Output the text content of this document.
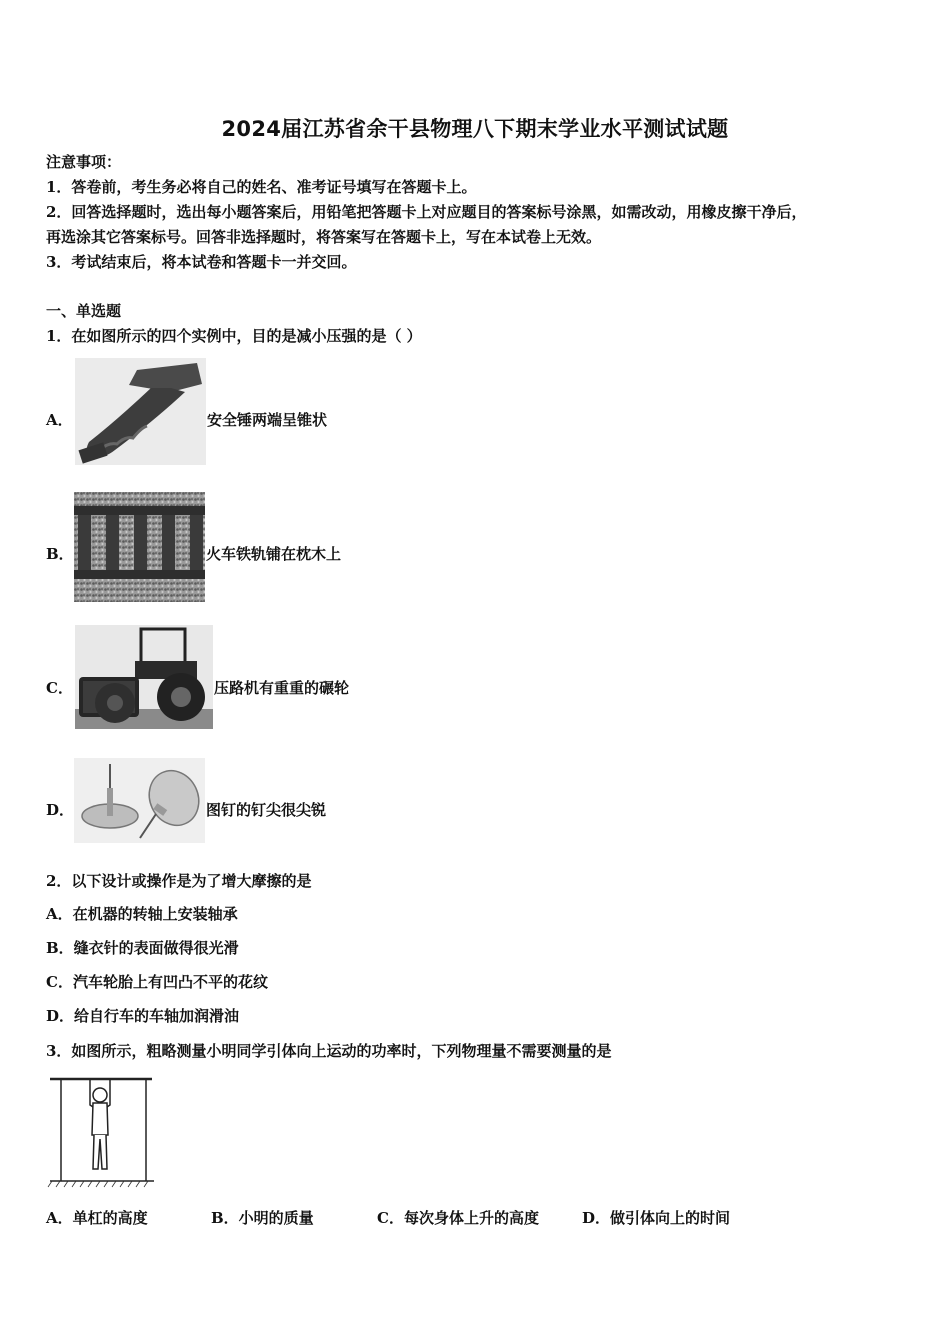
2024届江苏省余干县物理八下期末学业水平测试试题
注意事项：
1．答卷前，考生务必将自己的姓名、准考证号填写在答题卡上。
2．回答选择题时，选出每小题答案后，用铅笔把答题卡上对应题目的答案标号涂黑，如需改动，用橡皮擦干净后，
再选涂其它答案标号。回答非选择题时，将答案写在答题卡上，写在本试卷上无效。
3．考试结束后，将本试卷和答题卡一并交回。
一、单选题
1．在如图所示的四个实例中，目的是减小压强的是（ ）
A．	安全锤两端呈锥状
B．	火车铁轨铺在枕木上
C．	压路机有重重的碾轮
D．	图钉的钉尖很尖锐
2．以下设计或操作是为了增大摩擦的是
A．在机器的转轴上安装轴承
B．缝衣针的表面做得很光滑
C．汽车轮胎上有凹凸不平的花纹
D．给自行车的车轴加润滑油
3．如图所示，粗略测量小明同学引体向上运动的功率时，下列物理量不需要测量的是
A．单杠的高度	B．小明的质量	C．每次身体上升的高度	D．做引体向上的时间
